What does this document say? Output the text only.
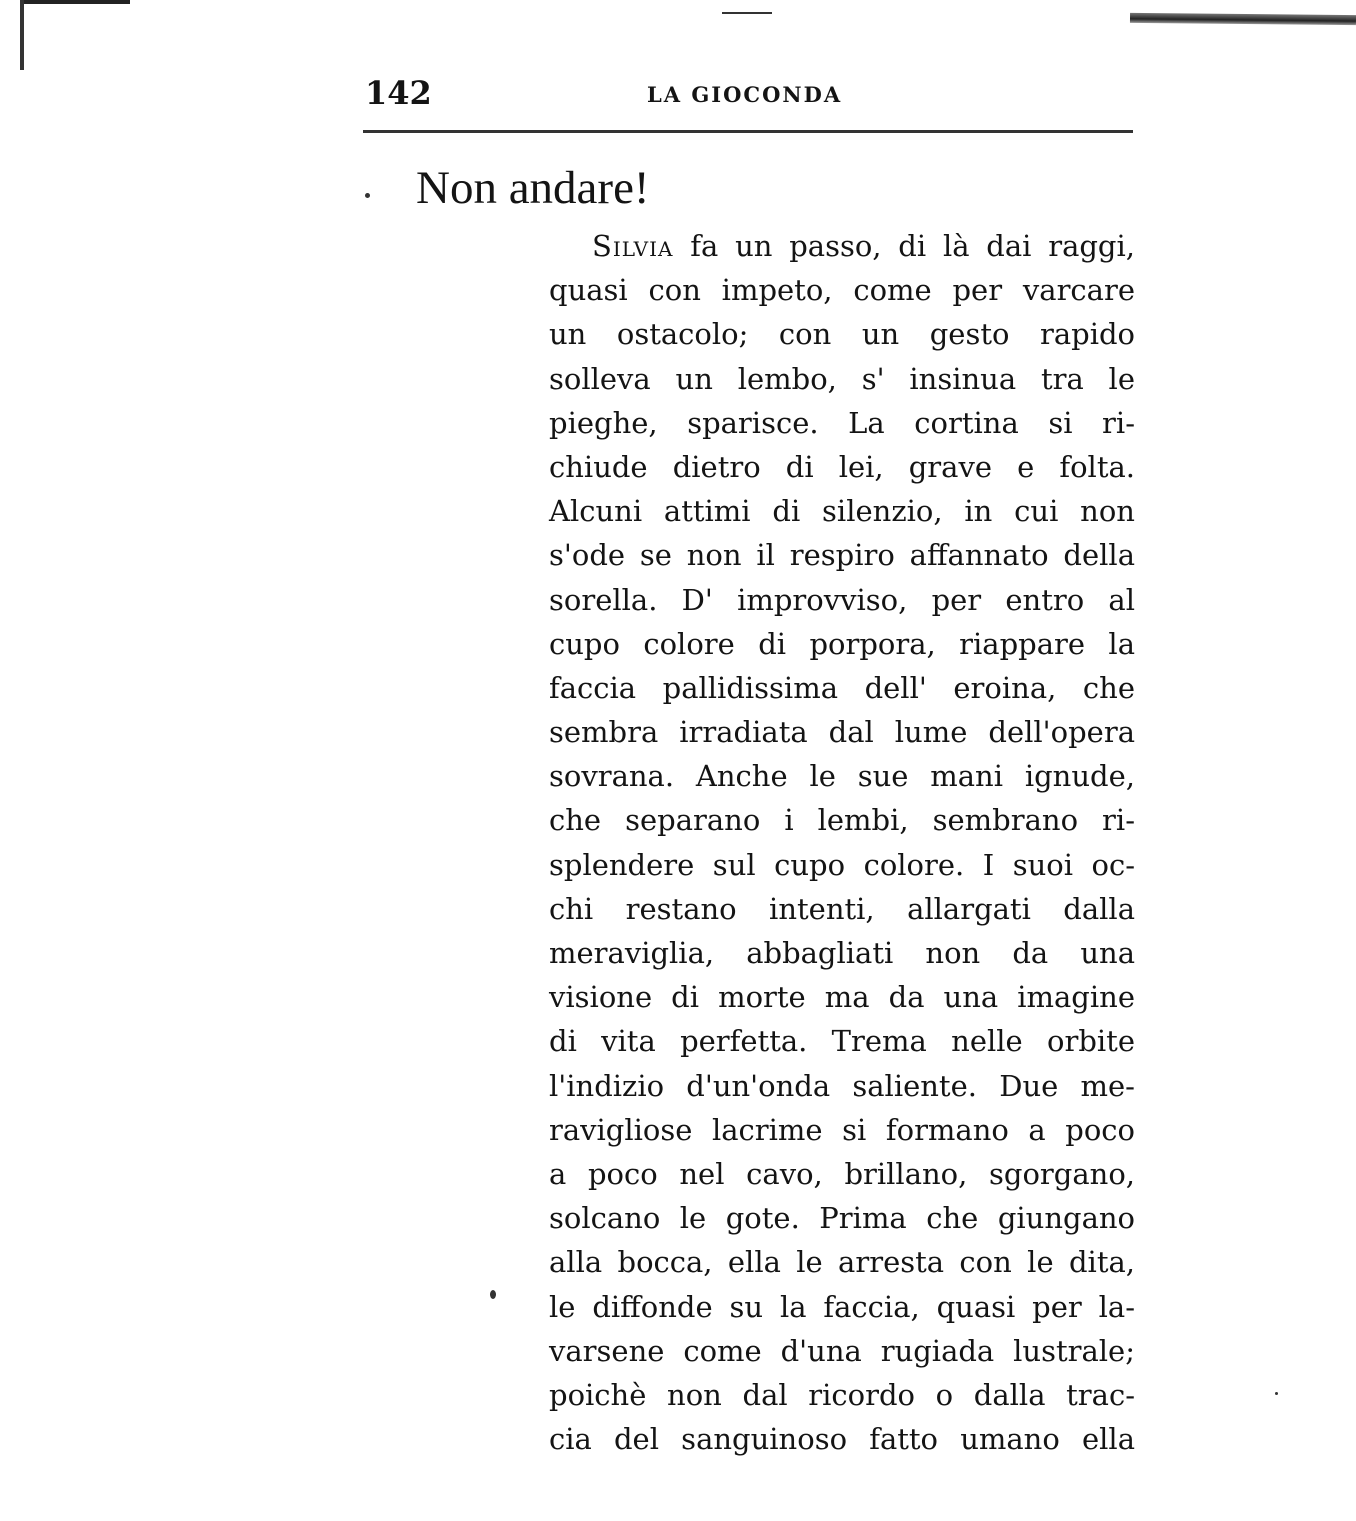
142	LA GIOCONDA
Non andare!
Silvia fa un passo, di là dai raggi,
quasi con impeto, come per varcare
un ostacolo; con un gesto rapido
solleva un lembo, s' insinua tra le
pieghe, sparisce. La cortina si ri-
chiude dietro di lei, grave e folta.
Alcuni attimi di silenzio, in cui non
s'ode se non il respiro affannato della
sorella. D' improvviso, per entro al
cupo colore di porpora, riappare la
faccia pallidissima dell' eroina, che
sembra irradiata dal lume dell'opera
sovrana. Anche le sue mani ignude,
che separano i lembi, sembrano ri-
splendere sul cupo colore. I suoi oc-
chi restano intenti, allargati dalla
meraviglia, abbagliati non da una
visione di morte ma da una imagine
di vita perfetta. Trema nelle orbite
l'indizio d'un'onda saliente. Due me-
ravigliose lacrime si formano a poco
a poco nel cavo, brillano, sgorgano,
solcano le gote. Prima che giungano
alla bocca, ella le arresta con le dita,
le diffonde su la faccia, quasi per la-
varsene come d'una rugiada lustrale;
poichè non dal ricordo o dalla trac-
cia del sanguinoso fatto umano ella
